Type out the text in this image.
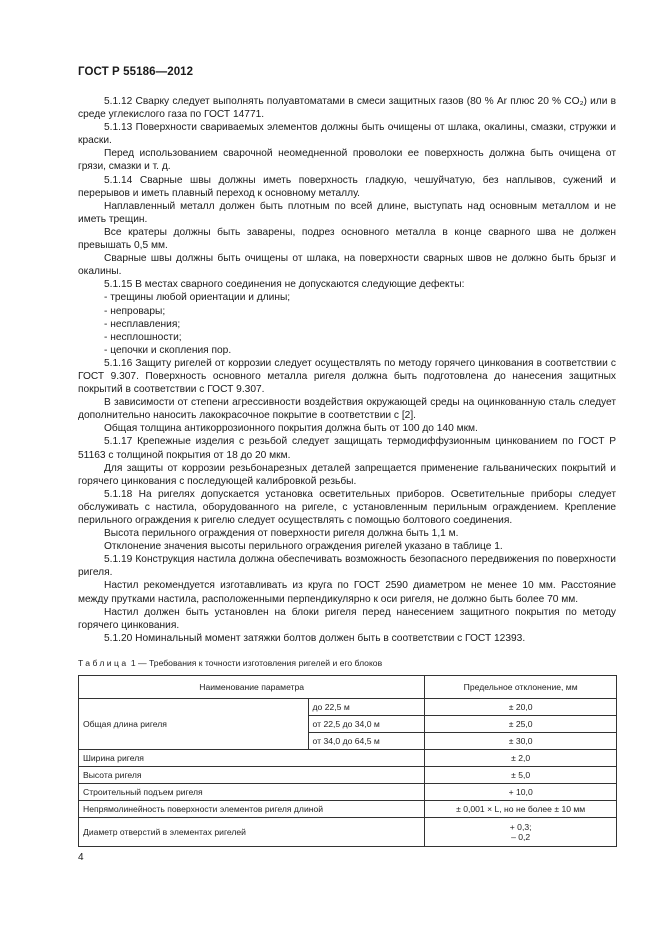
ГОСТ Р 55186—2012

5.1.12 Сварку следует выполнять полуавтоматами в смеси защитных газов (80 % Ar плюс 20 % CO₂) или в среде углекислого газа по ГОСТ 14771.

5.1.13 Поверхности свариваемых элементов должны быть очищены от шлака, окалины, смазки, стружки и краски.

Перед использованием сварочной неомедненной проволоки ее поверхность должна быть очищена от грязи, смазки и т. д.

5.1.14 Сварные швы должны иметь поверхность гладкую, чешуйчатую, без наплывов, сужений и перерывов и иметь плавный переход к основному металлу.

Наплавленный металл должен быть плотным по всей длине, выступать над основным металлом и не иметь трещин.

Все кратеры должны быть заварены, подрез основного металла в конце сварного шва не должен превышать 0,5 мм.

Сварные швы должны быть очищены от шлака, на поверхности сварных швов не должно быть брызг и окалины.

5.1.15 В местах сварного соединения не допускаются следующие дефекты:

- трещины любой ориентации и длины;

- непровары;

- несплавления;

- несплошности;

- цепочки и скопления пор.

5.1.16 Защиту ригелей от коррозии следует осуществлять по методу горячего цинкования в соответствии с ГОСТ 9.307. Поверхность основного металла ригеля должна быть подготовлена до нанесения защитных покрытий в соответствии с ГОСТ 9.307.

В зависимости от степени агрессивности воздействия окружающей среды на оцинкованную сталь следует дополнительно наносить лакокрасочное покрытие в соответствии с [2].

Общая толщина антикоррозионного покрытия должна быть от 100 до 140 мкм.

5.1.17 Крепежные изделия с резьбой следует защищать термодиффузионным цинкованием по ГОСТ Р 51163 с толщиной покрытия от 18 до 20 мкм.

Для защиты от коррозии резьбонарезных деталей запрещается применение гальванических покрытий и горячего цинкования с последующей калибровкой резьбы.

5.1.18 На ригелях допускается установка осветительных приборов. Осветительные приборы следует обслуживать с настила, оборудованного на ригеле, с установленным перильным ограждением. Крепление перильного ограждения к ригелю следует осуществлять с помощью болтового соединения.

Высота перильного ограждения от поверхности ригеля должна быть 1,1 м.

Отклонение значения высоты перильного ограждения ригелей указано в таблице 1.

5.1.19 Конструкция настила должна обеспечивать возможность безопасного передвижения по поверхности ригеля.

Настил рекомендуется изготавливать из круга по ГОСТ 2590 диаметром не менее 10 мм. Расстояние между прутками настила, расположенными перпендикулярно к оси ригеля, не должно быть более 70 мм.

Настил должен быть установлен на блоки ригеля перед нанесением защитного покрытия по методу горячего цинкования.

5.1.20 Номинальный момент затяжки болтов должен быть в соответствии с ГОСТ 12393.

Таблица 1 — Требования к точности изготовления ригелей и его блоков
Наименование параметра		Предельное отклонение, мм
Общая длина ригеля	до 22,5 м	± 20,0
	от 22,5 до 34,0 м	± 25,0
	от 34,0 до 64,5 м	± 30,0
Ширина ригеля		± 2,0
Высота ригеля		± 5,0
Строительный подъем ригеля		+ 10,0
Непрямолинейность поверхности элементов ригеля длиной		± 0,001 × L, но не более ± 10 мм
Диаметр отверстий в элементах ригелей		+ 0,3;
– 0,2
4
